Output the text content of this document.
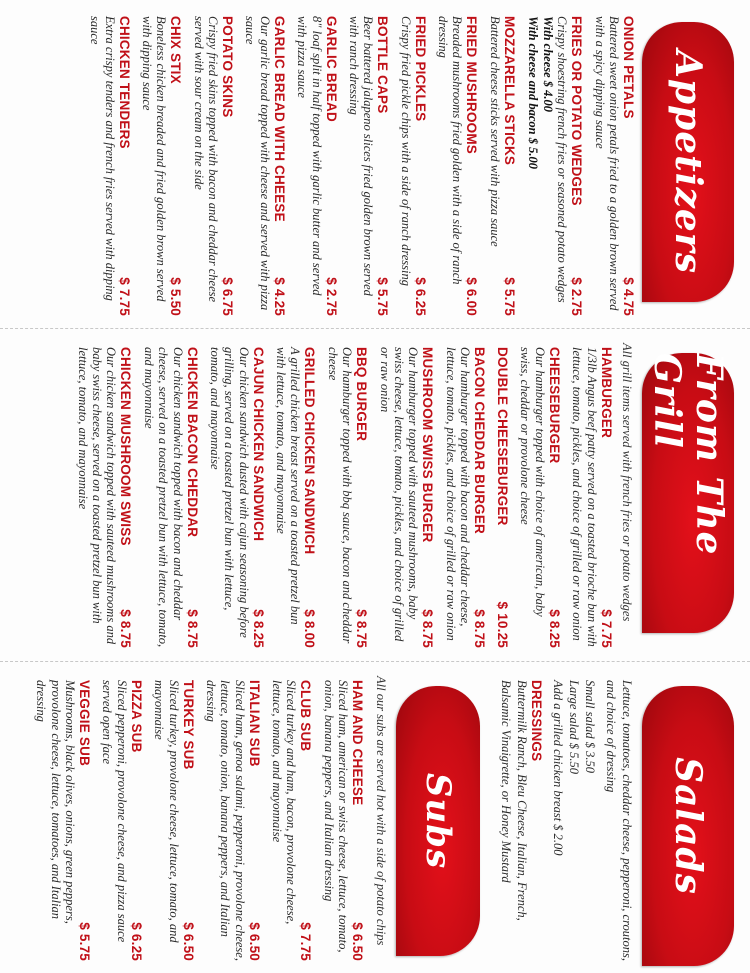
Appetizers
ONION PETALS
$ 4.75
Battered sweet onion petals fried to a golden brown served with a spicy dipping sauce
FRIES OR POTATO WEDGES
$ 2.75
Crispy shoestring french fries or seasoned potato wedges
With cheese $ 4.00
With cheese and bacon $ 5.00
MOZZARELLA STICKS
$ 5.75
Battered cheese sticks served with pizza sauce
FRIED MUSHROOMS
$ 6.00
Breaded mushrooms fried golden with a side of ranch dressing
FRIED PICKLES
$ 6.25
Crispy fried pickle chips with a side of ranch dressing
BOTTLE CAPS
$ 5.75
Beer battered jalapeno slices fried golden brown served with ranch dressing
GARLIC BREAD
$ 2.75
8" loaf split in half topped with garlic butter and served with pizza sauce
GARLIC BREAD WITH CHEESE
$ 4.25
Our garlic bread topped with cheese and served with pizza sauce
POTATO SKINS
$ 6.75
Crispy fried skins topped with bacon and cheddar cheese served with sour cream on the side
CHIX STIX
$ 5.50
Boneless chicken breaded and fried golden brown served with dipping sauce
CHICKEN TENDERS
$ 7.75
Extra crispy tenders and french fries served with dipping sauce
From The Grill
All grill items served with french fries or potato wedges
HAMBURGER
$ 7.75
1/3lb Angus beef patty served on a toasted brioche bun with lettuce, tomato, pickles, and choice of grilled or raw onion
CHEESEBURGER
$ 8.25
Our hamburger topped with choice of american, baby swiss, cheddar or provolone cheese
DOUBLE CHEESEBURGER
$ 10.25
BACON CHEDDAR BURGER
$ 8.75
Our hamburger topped with bacon and cheddar cheese, lettuce, tomato, pickles, and choice of grilled or raw onion
MUSHROOM SWISS BURGER
$ 8.75
Our hamburger topped with sauteed mushrooms, baby swiss cheese, lettuce, tomato, pickles, and choice of grilled or raw onion
BBQ BURGER
$ 8.75
Our hamburger topped with bbq sauce, bacon and cheddar cheese
GRILLED CHICKEN SANDWICH
$ 8.00
A grilled chicken breast served on a toasted pretzel bun with lettuce, tomato, and mayonnaise
CAJUN CHICKEN SANDWICH
$ 8.25
Our chicken sandwich dusted with cajun seasoning before grilling, served on a toasted pretzel bun with lettuce, tomato, and mayonnaise
CHICKEN BACON CHEDDAR
$ 8.75
Our chicken sandwich topped with bacon and cheddar cheese, served on a toasted pretzel bun with lettuce, tomato, and mayonnaise
CHICKEN MUSHROOM SWISS
$ 8.75
Our chicken sandwich topped with sauteed mushrooms and baby swiss cheese, served on a toasted pretzel bun with lettuce, tomato, and mayonnaise
Salads
Lettuce, tomatoes, cheddar cheese, pepperoni, croutons, and choice of dressing
Small salad $ 3.50
Large salad $ 5.50
Add a grilled chicken breast $ 2.00
DRESSINGS
Buttermilk Ranch, Bleu Cheese, Italian, French, Balsamic Vinaigrette, or Honey Mustard
Subs
All our subs are served hot with a side of potato chips
HAM AND CHEESE
$ 6.50
Sliced ham, american or swiss cheese, lettuce, tomato, onion, banana peppers, and Italian dressing
CLUB SUB
$ 7.75
Sliced turkey and ham, bacon, provolone cheese, lettuce, tomato, and mayonnaise
ITALIAN SUB
$ 6.50
Sliced ham, genoa salami, pepperoni, provolone cheese, lettuce, tomato, onion, banana peppers, and Italian dressing
TURKEY SUB
$ 6.50
Sliced turkey, provolone cheese, lettuce, tomato, and mayonnaise
PIZZA SUB
$ 6.25
Sliced pepperoni, provolone cheese, and pizza sauce served open face
VEGGIE SUB
$ 5.75
Mushrooms, black olives, onions, green peppers, provolone cheese, lettuce, tomatoes, and Italian dressing
